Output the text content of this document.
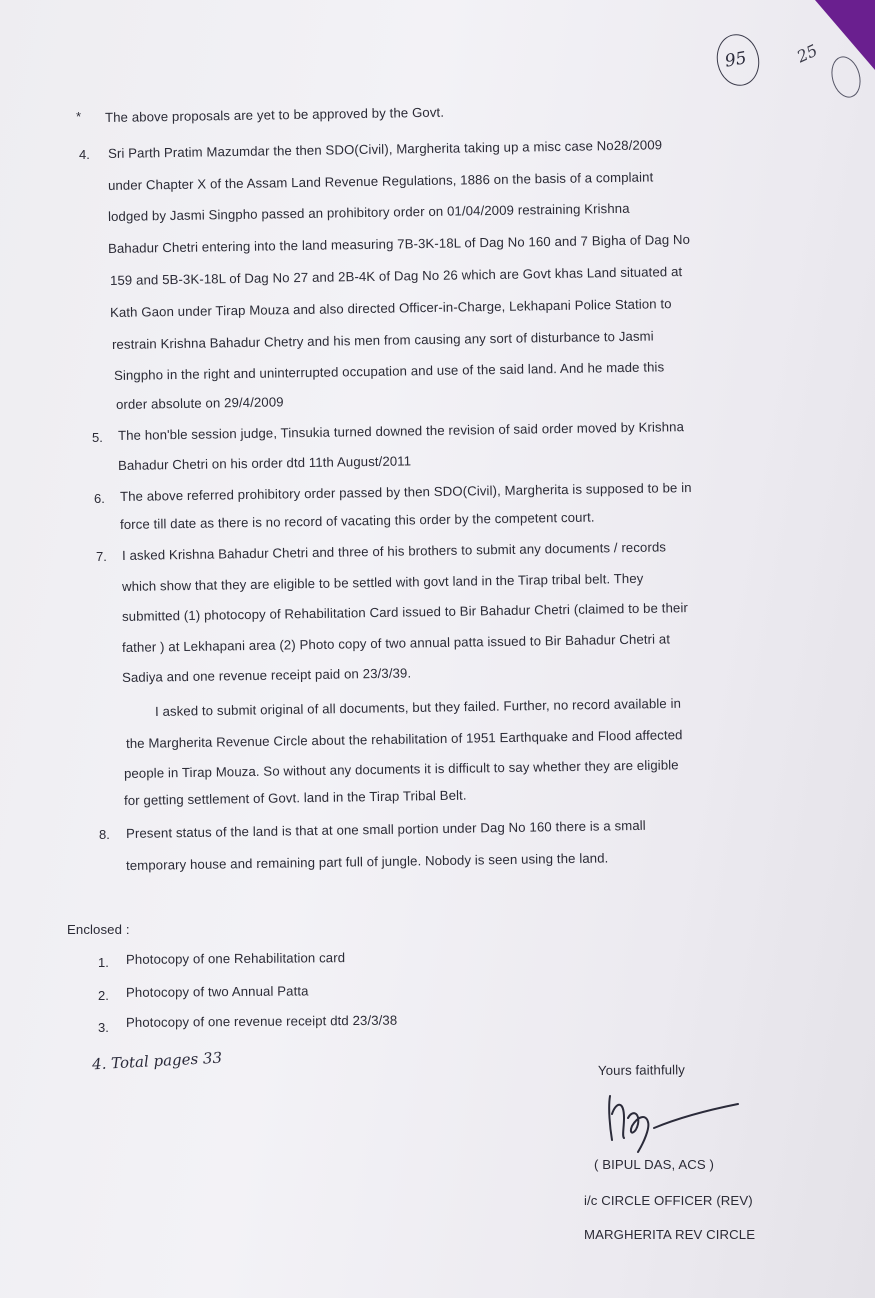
95	25
* The above proposals are yet to be approved by the Govt.
4. Sri Parth Pratim Mazumdar the then SDO(Civil), Margherita taking up a misc case No28/2009
under Chapter X of the Assam Land Revenue Regulations, 1886 on the basis of a complaint
lodged by Jasmi Singpho passed an prohibitory order on 01/04/2009 restraining Krishna
Bahadur Chetri entering into the land measuring 7B-3K-18L of Dag No 160 and 7 Bigha of Dag No
159 and 5B-3K-18L of Dag No 27 and 2B-4K of Dag No 26 which are Govt khas Land situated at
Kath Gaon under Tirap Mouza and also directed Officer-in-Charge, Lekhapani Police Station to
restrain Krishna Bahadur Chetry and his men from causing any sort of disturbance to Jasmi
Singpho in the right and uninterrupted occupation and use of the said land. And he made this
order absolute on 29/4/2009
5. The hon'ble session judge, Tinsukia turned downed the revision of said order moved by Krishna
Bahadur Chetri on his order dtd 11th August/2011
6. The above referred prohibitory order passed by then SDO(Civil), Margherita is supposed to be in
force till date as there is no record of vacating this order by the competent court.
7. I asked Krishna Bahadur Chetri and three of his brothers to submit any documents / records
which show that they are eligible to be settled with govt land in the Tirap tribal belt. They
submitted (1) photocopy of Rehabilitation Card issued to Bir Bahadur Chetri (claimed to be their
father ) at Lekhapani area (2) Photo copy of two annual patta issued to Bir Bahadur Chetri at
Sadiya and one revenue receipt paid on 23/3/39.
I asked to submit original of all documents, but they failed. Further, no record available in
the Margherita Revenue Circle about the rehabilitation of 1951 Earthquake and Flood affected
people in Tirap Mouza. So without any documents it is difficult to say whether they are eligible
for getting settlement of Govt. land in the Tirap Tribal Belt.
8. Present status of the land is that at one small portion under Dag No 160 there is a small
temporary house and remaining part full of jungle. Nobody is seen using the land.
Enclosed :
1. Photocopy of one Rehabilitation card
2. Photocopy of two Annual Patta
3. Photocopy of one revenue receipt dtd 23/3/38
4. Total pages 33	Yours faithfully
( BIPUL DAS, ACS )
i/c CIRCLE OFFICER (REV)
MARGHERITA REV CIRCLE
